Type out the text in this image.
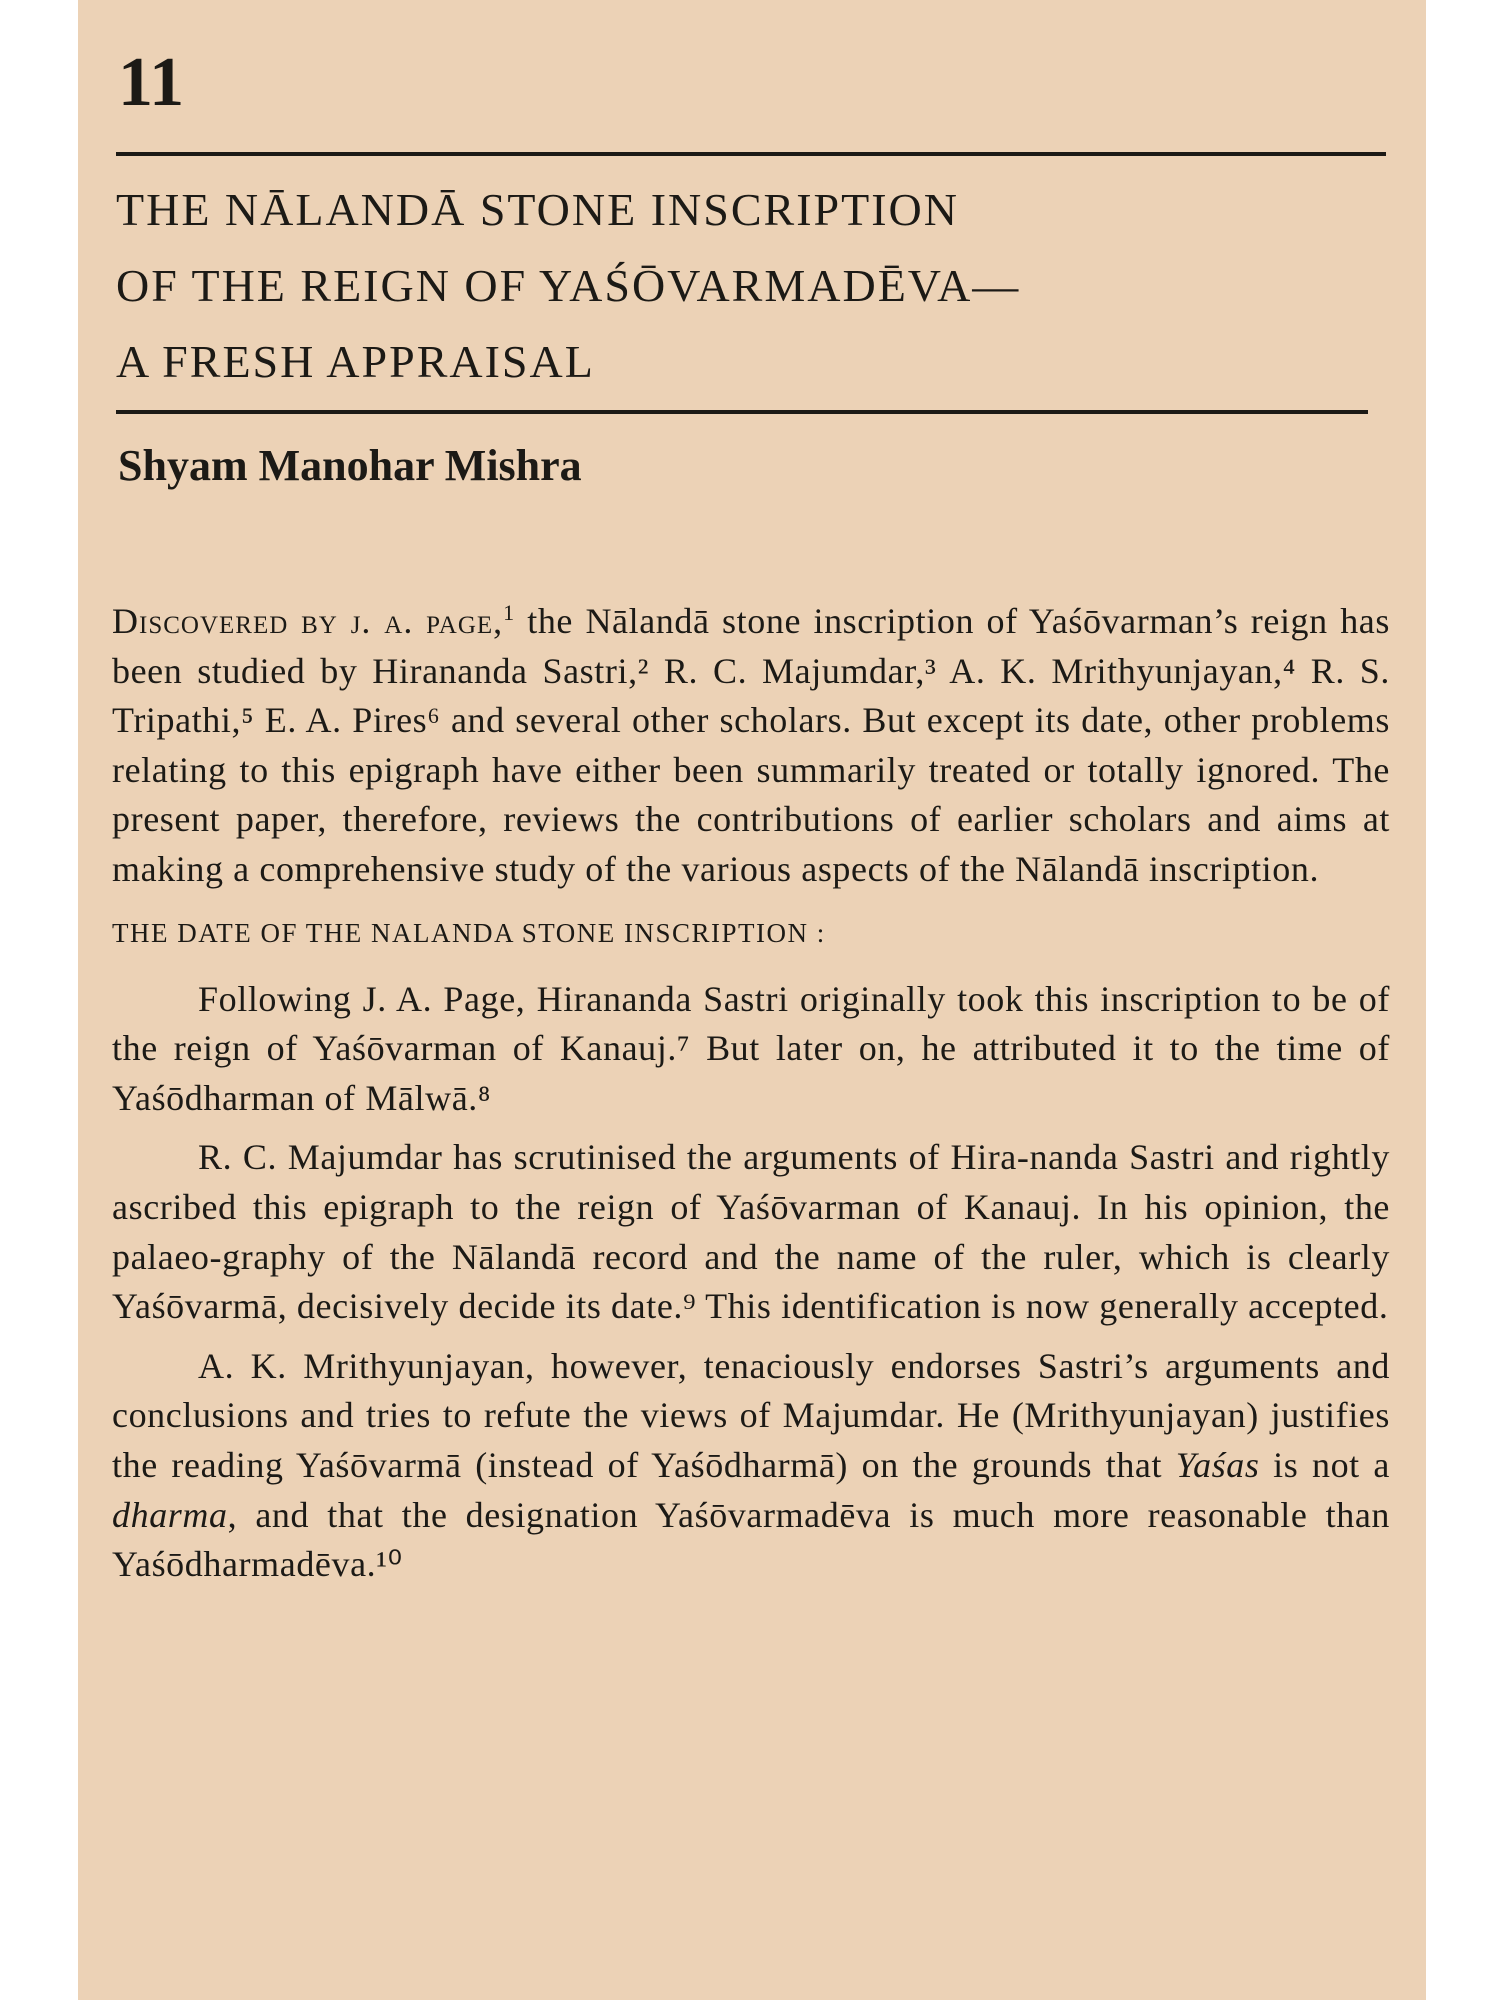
11
THE NĀLANDĀ STONE INSCRIPTION
OF THE REIGN OF YAŚŌVARMADĒVA—
A FRESH APPRAISAL
Shyam Manohar Mishra

Discovered by j. a. page,$^1$ the Nālandā stone inscription of Yaśōvarman’s reign has been studied by Hirananda Sastri,² R. C. Majumdar,³ A. K. Mrithyunjayan,⁴ R. S. Tripathi,⁵ E. A. Pires⁶ and several other scholars. But except its date, other problems relating to this epigraph have either been summarily treated or totally ignored. The present paper, therefore, reviews the contributions of earlier scholars and aims at making a comprehensive study of the various aspects of the Nālandā inscription.

THE DATE OF THE NALANDA STONE INSCRIPTION :

Following J. A. Page, Hirananda Sastri originally took this inscription to be of the reign of Yaśōvarman of Kanauj.⁷ But later on, he attributed it to the time of Yaśōdharman of Mālwā.⁸

R. C. Majumdar has scrutinised the arguments of Hira-nanda Sastri and rightly ascribed this epigraph to the reign of Yaśōvarman of Kanauj. In his opinion, the palaeo-graphy of the Nālandā record and the name of the ruler, which is clearly Yaśōvarmā, decisively decide its date.⁹ This identification is now generally accepted.

A. K. Mrithyunjayan, however, tenaciously endorses Sastri’s arguments and conclusions and tries to refute the views of Majumdar. He (Mrithyunjayan) justifies the reading Yaśōvarmā (instead of Yaśōdharmā) on the grounds that Yaśas is not a dharma, and that the designation Yaśōvarmadēva is much more reasonable than Yaśōdharmadēva.¹⁰
